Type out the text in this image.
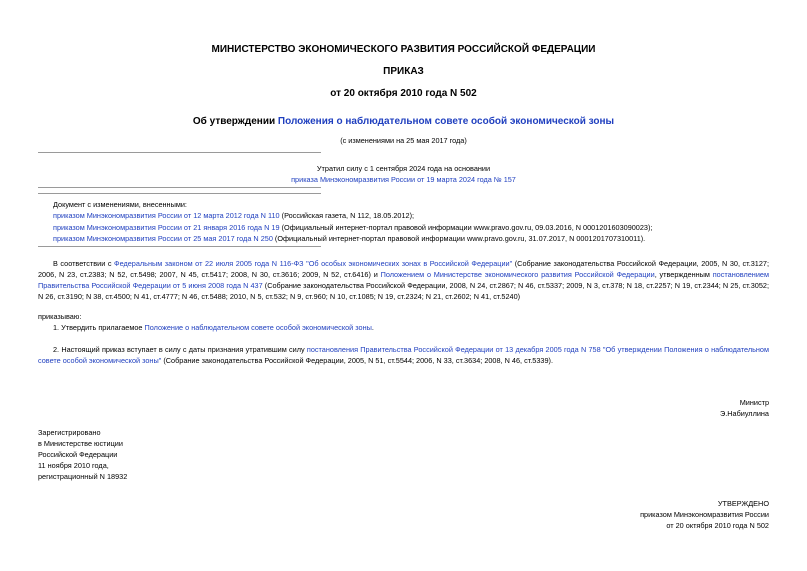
МИНИСТЕРСТВО ЭКОНОМИЧЕСКОГО РАЗВИТИЯ РОССИЙСКОЙ ФЕДЕРАЦИИ
ПРИКАЗ
от 20 октября 2010 года N 502
Об утверждении Положения о наблюдательном совете особой экономической зоны
(с изменениями на 25 мая 2017 года)
Утратил силу с 1 сентября 2024 года на основании
приказа Минэкономразвития России от 19 марта 2024 года № 157
Документ с изменениями, внесенными:
приказом Минэкономразвития России от 12 марта 2012 года N 110 (Российская газета, N 112, 18.05.2012);
приказом Минэкономразвития России от 21 января 2016 года N 19 (Официальный интернет-портал правовой информации www.pravo.gov.ru, 09.03.2016, N 0001201603090023);
приказом Минэкономразвития России от 25 мая 2017 года N 250 (Официальный интернет-портал правовой информации www.pravo.gov.ru, 31.07.2017, N 0001201707310011).
В соответствии с Федеральным законом от 22 июля 2005 года N 116-ФЗ "Об особых экономических зонах в Российской Федерации" (Собрание законодательства Российской Федерации, 2005, N 30, ст.3127; 2006, N 23, ст.2383; N 52, ст.5498; 2007, N 45, ст.5417; 2008, N 30, ст.3616; 2009, N 52, ст.6416) и Положением о Министерстве экономического развития Российской Федерации, утвержденным постановлением Правительства Российской Федерации от 5 июня 2008 года N 437 (Собрание законодательства Российской Федерации, 2008, N 24, ст.2867; N 46, ст.5337; 2009, N 3, ст.378; N 18, ст.2257; N 19, ст.2344; N 25, ст.3052; N 26, ст.3190; N 38, ст.4500; N 41, ст.4777; N 46, ст.5488; 2010, N 5, ст.532; N 9, ст.960; N 10, ст.1085; N 19, ст.2324; N 21, ст.2602; N 41, ст.5240)
приказываю:
1. Утвердить прилагаемое Положение о наблюдательном совете особой экономической зоны.
2. Настоящий приказ вступает в силу с даты признания утратившим силу постановления Правительства Российской Федерации от 13 декабря 2005 года N 758 "Об утверждении Положения о наблюдательном совете особой экономической зоны" (Собрание законодательства Российской Федерации, 2005, N 51, ст.5544; 2006, N 33, ст.3634; 2008, N 46, ст.5339).
Министр
Э.Набиуллина
Зарегистрировано
в Министерстве юстиции
Российской Федерации
11 ноября 2010 года,
регистрационный N 18932
УТВЕРЖДЕНО
приказом Минэкономразвития России
от 20 октября 2010 года N 502
